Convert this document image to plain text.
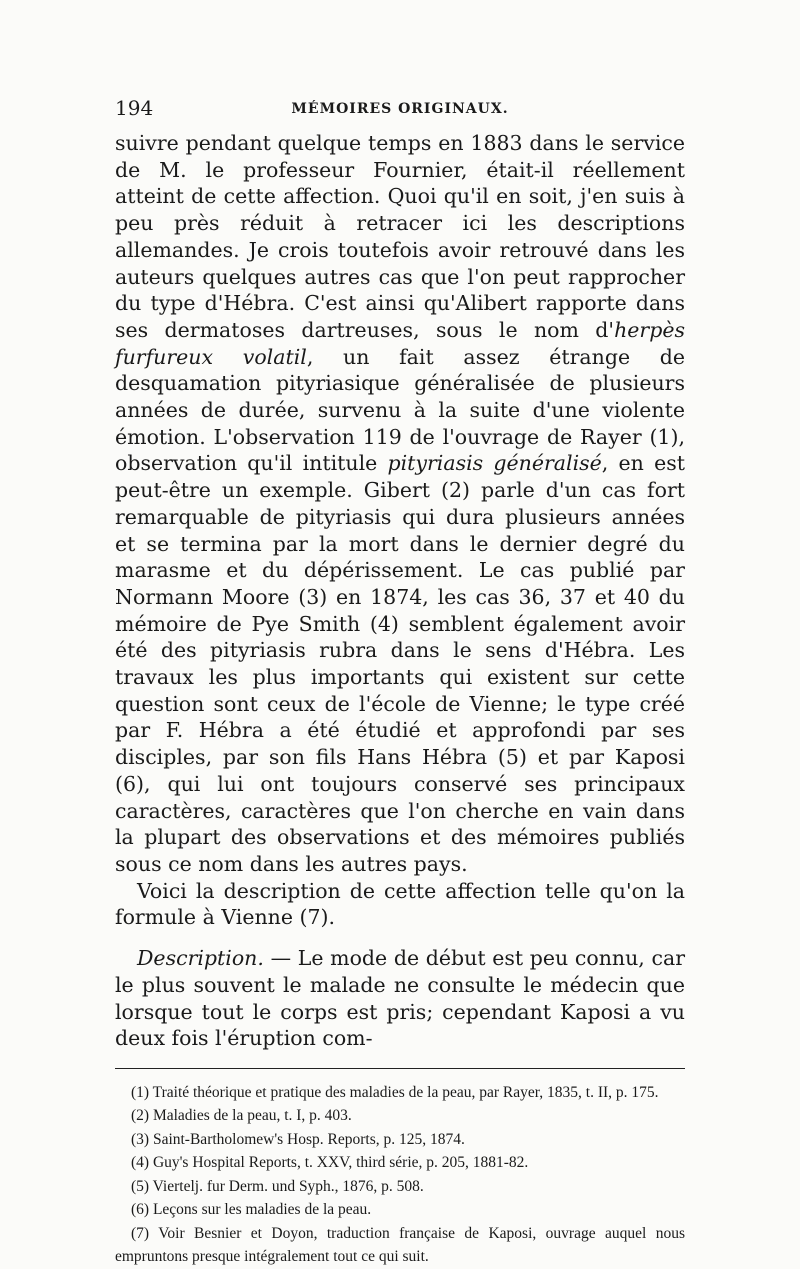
194	MÉMOIRES ORIGINAUX.

suivre pendant quelque temps en 1883 dans le service de M. le professeur Fournier, était-il réellement atteint de cette affection. Quoi qu'il en soit, j'en suis à peu près réduit à retracer ici les descriptions allemandes. Je crois toutefois avoir retrouvé dans les auteurs quelques autres cas que l'on peut rapprocher du type d'Hébra. C'est ainsi qu'Alibert rapporte dans ses dermatoses dartreuses, sous le nom d'herpès furfureux volatil, un fait assez étrange de desquamation pityriasique généralisée de plusieurs années de durée, survenu à la suite d'une violente émotion. L'observation 119 de l'ouvrage de Rayer (1), observation qu'il intitule pityriasis généralisé, en est peut-être un exemple. Gibert (2) parle d'un cas fort remarquable de pityriasis qui dura plusieurs années et se termina par la mort dans le dernier degré du marasme et du dépérissement. Le cas publié par Normann Moore (3) en 1874, les cas 36, 37 et 40 du mémoire de Pye Smith (4) semblent également avoir été des pityriasis rubra dans le sens d'Hébra. Les travaux les plus importants qui existent sur cette question sont ceux de l'école de Vienne; le type créé par F. Hébra a été étudié et approfondi par ses disciples, par son fils Hans Hébra (5) et par Kaposi (6), qui lui ont toujours conservé ses principaux caractères, caractères que l'on cherche en vain dans la plupart des observations et des mémoires publiés sous ce nom dans les autres pays.

Voici la description de cette affection telle qu'on la formule à Vienne (7).

Description. — Le mode de début est peu connu, car le plus souvent le malade ne consulte le médecin que lorsque tout le corps est pris; cependant Kaposi a vu deux fois l'éruption com-

(1) Traité théorique et pratique des maladies de la peau, par Rayer, 1835, t. II, p. 175.
(2) Maladies de la peau, t. I, p. 403.
(3) Saint-Bartholomew's Hosp. Reports, p. 125, 1874.
(4) Guy's Hospital Reports, t. XXV, third série, p. 205, 1881-82.
(5) Viertelj. fur Derm. und Syph., 1876, p. 508.
(6) Leçons sur les maladies de la peau.
(7) Voir Besnier et Doyon, traduction française de Kaposi, ouvrage auquel nous empruntons presque intégralement tout ce qui suit.
